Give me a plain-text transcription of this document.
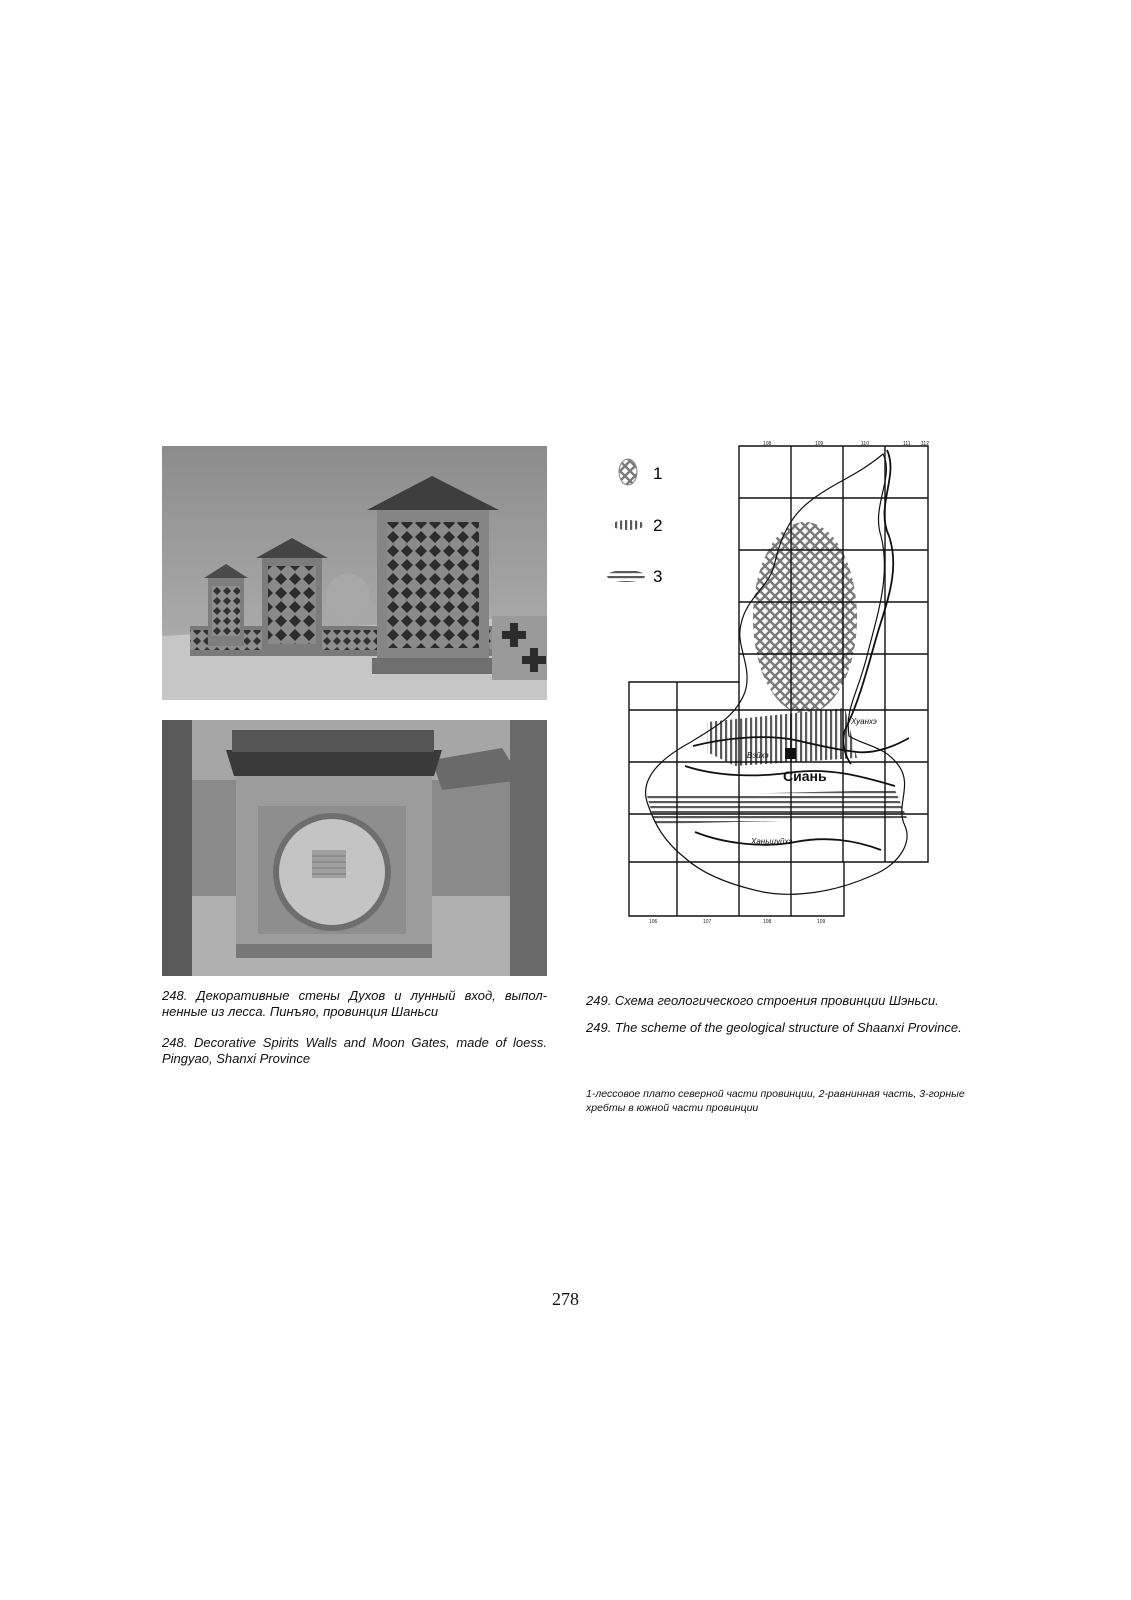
1
2
3
108	109	110	111 112
106	107	108	109
Хуанхэ
Вэйхэ
Сиань
Ханьшуйхэ
248. Декоративные стены Духов и лунный вход, выпол-ненные из лесса. Пинъяо, провинция Шаньси
248. Decorative Spirits Walls and Moon Gates, made of loess. Pingyao, Shanxi Province
249. Схема геологического строения провинции Шэньси.
249. The scheme of the geological structure of Shaanxi Province.
1-лессовое плато северной части провинции, 2-равнинная часть, 3-горные хребты в южной части провинции
278
